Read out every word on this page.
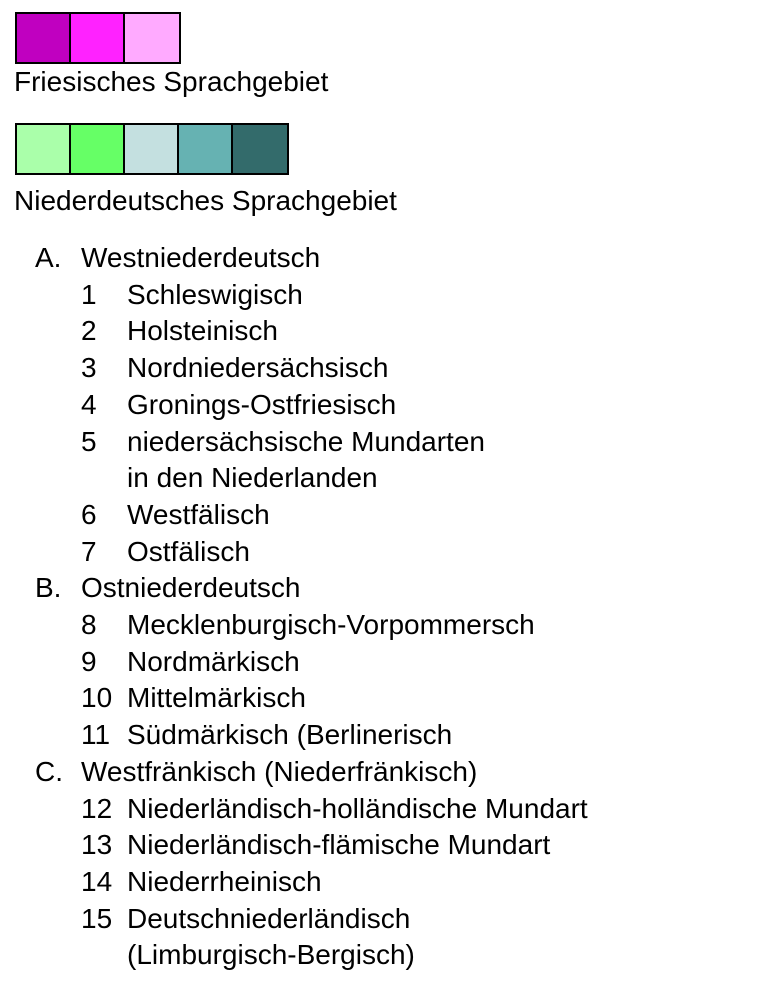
Friesisches Sprachgebiet
Niederdeutsches Sprachgebiet
A. Westniederdeutsch
1	Schleswigisch
2	Holsteinisch
3	Nordniedersächsisch
4	Gronings-Ostfriesisch
5	niedersächsische Mundarten
in den Niederlanden
6	Westfälisch
7	Ostfälisch
B. Ostniederdeutsch
8	Mecklenburgisch-Vorpommersch
9	Nordmärkisch
10 Mittelmärkisch
11 Südmärkisch (Berlinerisch
C. Westfränkisch (Niederfränkisch)
12 Niederländisch-holländische Mundart
13 Niederländisch-flämische Mundart
14 Niederrheinisch
15 Deutschniederländisch
(Limburgisch-Bergisch)
